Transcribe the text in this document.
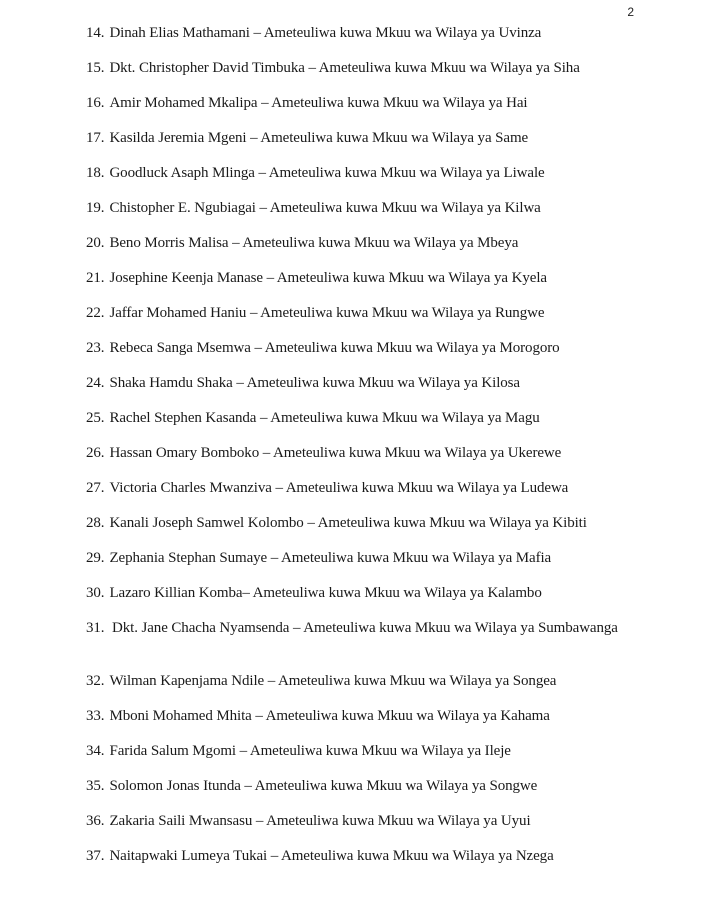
2
14. Dinah Elias Mathamani – Ameteuliwa kuwa Mkuu wa Wilaya ya Uvinza
15. Dkt. Christopher David Timbuka – Ameteuliwa kuwa Mkuu wa Wilaya ya Siha
16. Amir Mohamed Mkalipa – Ameteuliwa kuwa Mkuu wa Wilaya ya Hai
17. Kasilda Jeremia Mgeni – Ameteuliwa kuwa Mkuu wa Wilaya ya Same
18. Goodluck Asaph Mlinga – Ameteuliwa kuwa Mkuu wa Wilaya ya Liwale
19. Chistopher E. Ngubiagai – Ameteuliwa kuwa Mkuu wa Wilaya ya Kilwa
20. Beno Morris Malisa – Ameteuliwa kuwa Mkuu wa Wilaya ya Mbeya
21. Josephine Keenja Manase – Ameteuliwa kuwa Mkuu wa Wilaya ya Kyela
22. Jaffar Mohamed Haniu – Ameteuliwa kuwa Mkuu wa Wilaya ya Rungwe
23. Rebeca Sanga Msemwa – Ameteuliwa kuwa Mkuu wa Wilaya ya Morogoro
24. Shaka Hamdu Shaka – Ameteuliwa kuwa Mkuu wa Wilaya ya Kilosa
25. Rachel Stephen Kasanda – Ameteuliwa kuwa Mkuu wa Wilaya ya Magu
26. Hassan Omary Bomboko – Ameteuliwa kuwa Mkuu wa Wilaya ya Ukerewe
27. Victoria Charles Mwanziva – Ameteuliwa kuwa Mkuu wa Wilaya ya Ludewa
28. Kanali Joseph Samwel Kolombo – Ameteuliwa kuwa Mkuu wa Wilaya ya Kibiti
29. Zephania Stephan Sumaye – Ameteuliwa kuwa Mkuu wa Wilaya ya Mafia
30. Lazaro Killian Komba– Ameteuliwa kuwa Mkuu wa Wilaya ya Kalambo
31. Dkt. Jane Chacha Nyamsenda – Ameteuliwa kuwa Mkuu wa Wilaya ya Sumbawanga
32. Wilman Kapenjama Ndile – Ameteuliwa kuwa Mkuu wa Wilaya ya Songea
33. Mboni Mohamed Mhita – Ameteuliwa kuwa Mkuu wa Wilaya ya Kahama
34. Farida Salum Mgomi – Ameteuliwa kuwa Mkuu wa Wilaya ya Ileje
35. Solomon Jonas Itunda – Ameteuliwa kuwa Mkuu wa Wilaya ya Songwe
36. Zakaria Saili Mwansasu – Ameteuliwa kuwa Mkuu wa Wilaya ya Uyui
37. Naitapwaki Lumeya Tukai – Ameteuliwa kuwa Mkuu wa Wilaya ya Nzega
